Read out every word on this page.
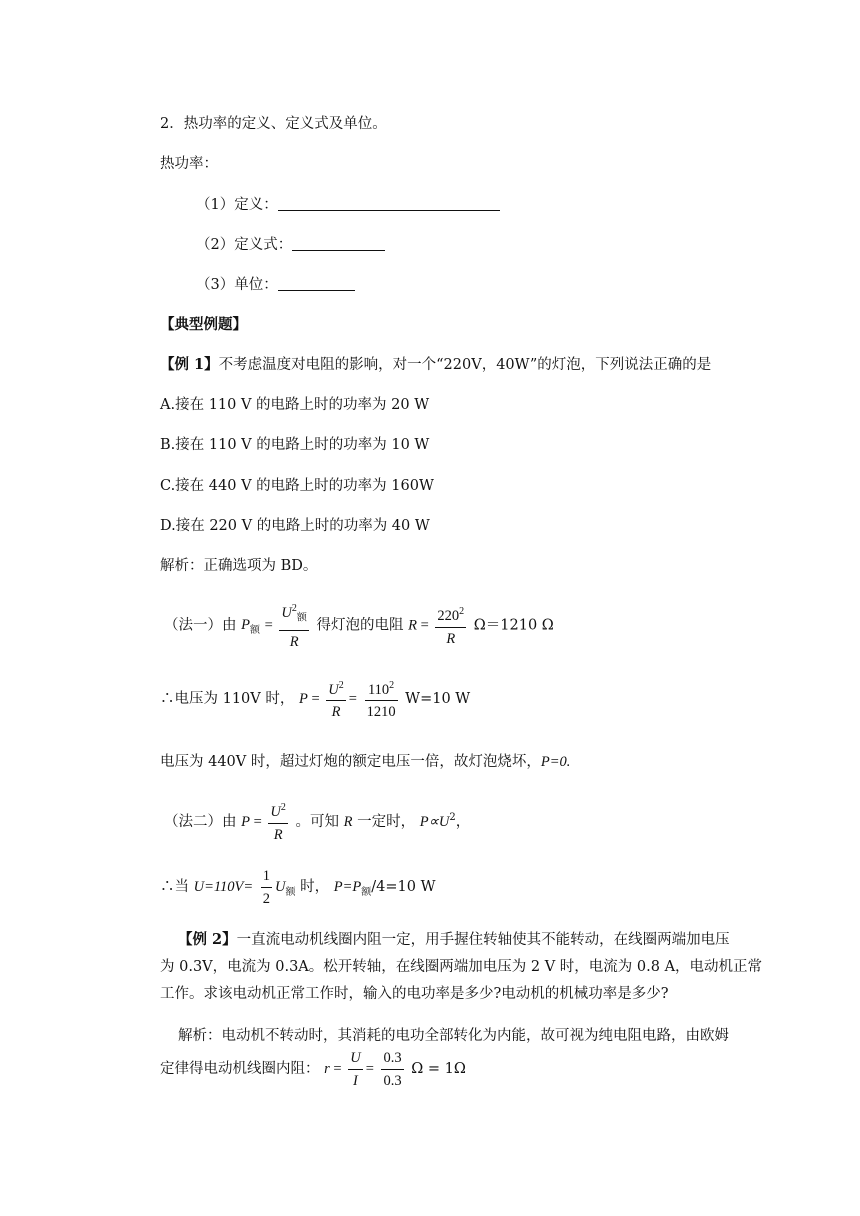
2．热功率的定义、定义式及单位。
热功率：
（1）定义：
（2）定义式：
（3）单位：
【典型例题】
【例 1】不考虑温度对电阻的影响，对一个“220V，40W”的灯泡，下列说法正确的是
A.接在 110 V 的电路上时的功率为 20 W
B.接在 110 V 的电路上时的功率为 10 W
C.接在 440 V 的电路上时的功率为 160W
D.接在 220 V 的电路上时的功率为 40 W
解析：正确选项为 BD。
（法一）由 $P_额 = \frac{U^2_额}{R}$ 得灯泡的电阻 $R = \frac{220^2}{R} \Omega=1210$ Ω
∴电压为 110V 时， $P = \frac{U^2}{R} = \frac{110^2}{1210} W=10$ W
电压为 440V 时，超过灯炮的额定电压一倍，故灯泡烧坏，P=0.
（法二）由 $P = \frac{U^2}{R}$ 。可知 R 一定时， $P\propto U^2$，
∴当 $U=110V= \frac{1}{2} U_额$ 时， $P=P_额/4=10$ W
【例 2】一直流电动机线圈内阻一定，用手握住转轴使其不能转动，在线圈两端加电压
为 0.3V，电流为 0.3A。松开转轴，在线圈两端加电压为 2 V 时，电流为 0.8 A，电动机正常
工作。求该电动机正常工作时，输入的电功率是多少?电动机的机械功率是多少?
解析：电动机不转动时，其消耗的电功全部转化为内能，故可视为纯电阻电路，由欧姆
定律得电动机线圈内阻： $r = \frac{U}{I} = \frac{0.3}{0.3}$ Ω = 1Ω
